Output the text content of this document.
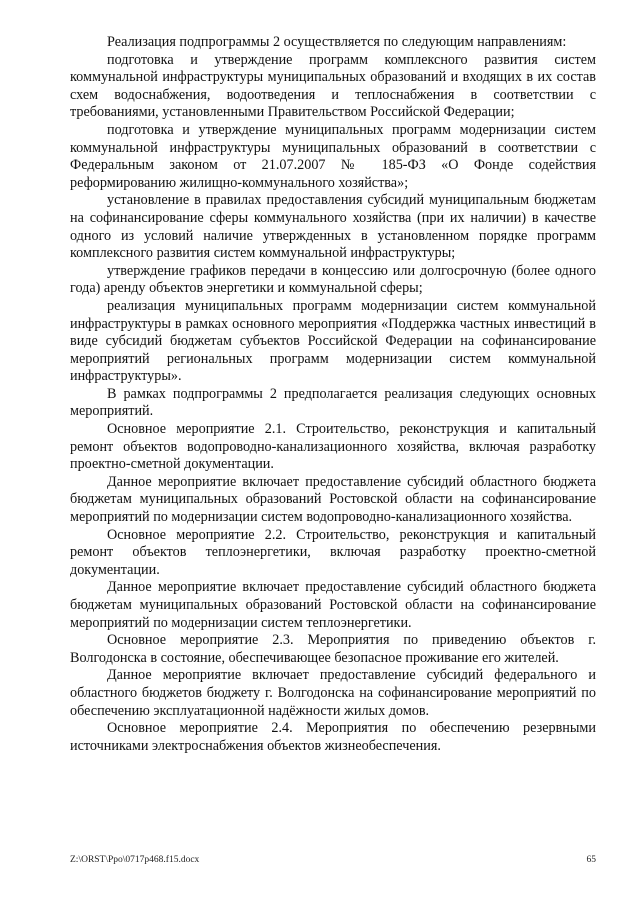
Реализация подпрограммы 2 осуществляется по следующим направлениям:

подготовка и утверждение программ комплексного развития систем коммунальной инфраструктуры муниципальных образований и входящих в их состав схем водоснабжения, водоотведения и теплоснабжения в соответствии с требованиями, установленными Правительством Российской Федерации;

подготовка и утверждение муниципальных программ модернизации систем коммунальной инфраструктуры муниципальных образований в соответствии с Федеральным законом от 21.07.2007 № 185-ФЗ «О Фонде содействия реформированию жилищно-коммунального хозяйства»;

установление в правилах предоставления субсидий муниципальным бюджетам на софинансирование сферы коммунального хозяйства (при их наличии) в качестве одного из условий наличие утвержденных в установленном порядке программ комплексного развития систем коммунальной инфраструктуры;

утверждение графиков передачи в концессию или долгосрочную (более одного года) аренду объектов энергетики и коммунальной сферы;

реализация муниципальных программ модернизации систем коммунальной инфраструктуры в рамках основного мероприятия «Поддержка частных инвестиций в виде субсидий бюджетам субъектов Российской Федерации на софинансирование мероприятий региональных программ модернизации систем коммунальной инфраструктуры».

В рамках подпрограммы 2 предполагается реализация следующих основных мероприятий.

Основное мероприятие 2.1. Строительство, реконструкция и капитальный ремонт объектов водопроводно-канализационного хозяйства, включая разработку проектно-сметной документации.

Данное мероприятие включает предоставление субсидий областного бюджета бюджетам муниципальных образований Ростовской области на софинансирование мероприятий по модернизации систем водопроводно-канализационного хозяйства.

Основное мероприятие 2.2. Строительство, реконструкция и капитальный ремонт объектов теплоэнергетики, включая разработку проектно-сметной документации.

Данное мероприятие включает предоставление субсидий областного бюджета бюджетам муниципальных образований Ростовской области на софинансирование мероприятий по модернизации систем теплоэнергетики.

Основное мероприятие 2.3. Мероприятия по приведению объектов г. Волгодонска в состояние, обеспечивающее безопасное проживание его жителей.

Данное мероприятие включает предоставление субсидий федерального и областного бюджетов бюджету г. Волгодонска на софинансирование мероприятий по обеспечению эксплуатационной надёжности жилых домов.

Основное мероприятие 2.4. Мероприятия по обеспечению резервными источниками электроснабжения объектов жизнеобеспечения.

Z:\ORST\Ppo\0717p468.f15.docx	65
